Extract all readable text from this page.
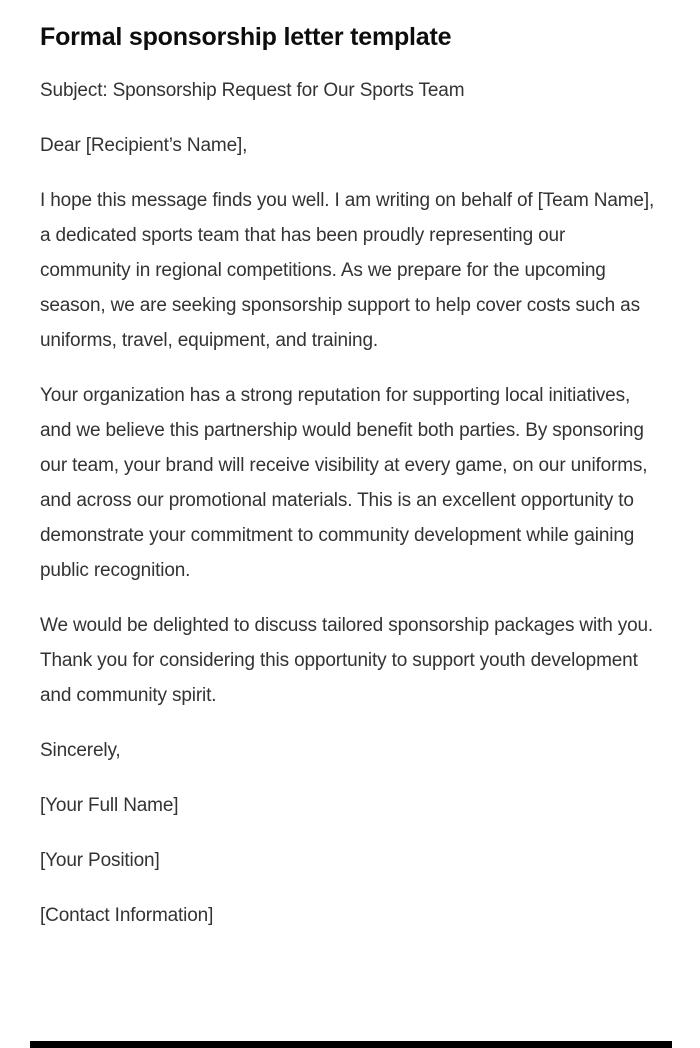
Formal sponsorship letter template

Subject: Sponsorship Request for Our Sports Team

Dear [Recipient’s Name],

I hope this message finds you well. I am writing on behalf of [Team Name], a dedicated sports team that has been proudly representing our community in regional competitions. As we prepare for the upcoming season, we are seeking sponsorship support to help cover costs such as uniforms, travel, equipment, and training.

Your organization has a strong reputation for supporting local initiatives, and we believe this partnership would benefit both parties. By sponsoring our team, your brand will receive visibility at every game, on our uniforms, and across our promotional materials. This is an excellent opportunity to demonstrate your commitment to community development while gaining public recognition.

We would be delighted to discuss tailored sponsorship packages with you. Thank you for considering this opportunity to support youth development and community spirit.

Sincerely,

[Your Full Name]

[Your Position]

[Contact Information]
